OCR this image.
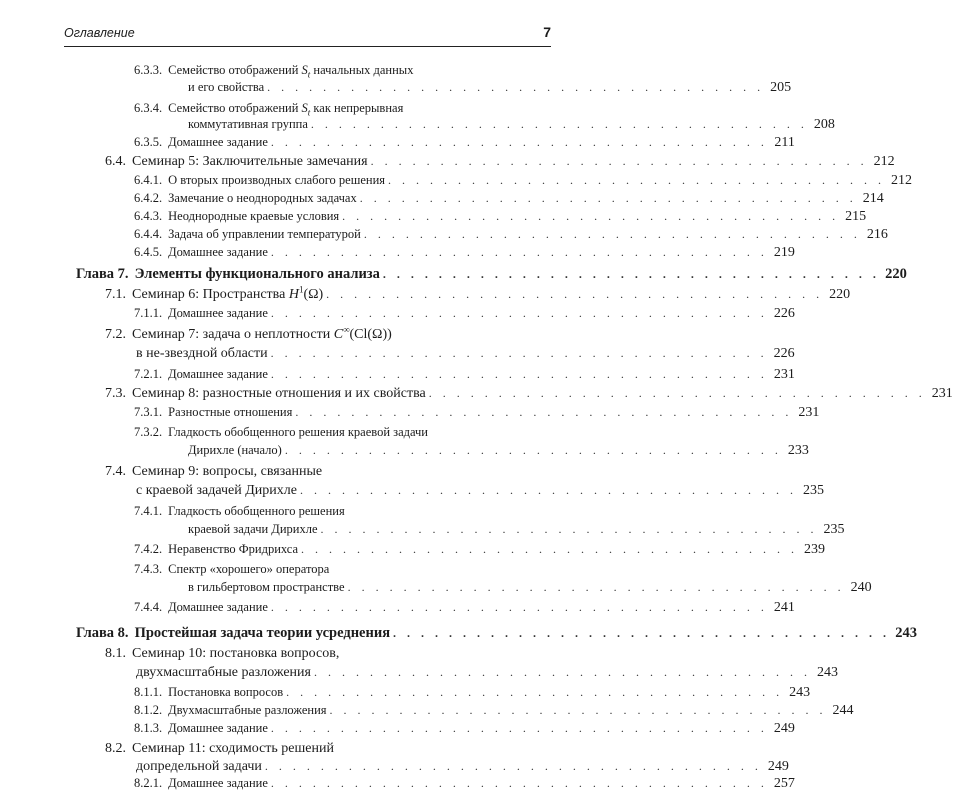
Оглавление	7
6.3.3. Семейство отображений $S_t$ начальных данных
и его свойства . . . . . . . . . . . . . . . . . . . . . . . . . . . . . . . . . . . . 205
6.3.4. Семейство отображений $S_t$ как непрерывная
коммутативная группа . . . . . . . . . . . . . . . . . . . . . . . . . . . . . . . . . . . . 208
6.3.5. Домашнее задание . . . . . . . . . . . . . . . . . . . . . . . . . . . . . . . . . . . . 211
6.4. Семинар 5: Заключительные замечания . . . . . . . . . . . . . . . . . . . . . . . . . . . . . . . . . . . . 212
6.4.1. О вторых производных слабого решения . . . . . . . . . . . . . . . . . . . . . . . . . . . . . . . . . . . . 212
6.4.2. Замечание о неоднородных задачах . . . . . . . . . . . . . . . . . . . . . . . . . . . . . . . . . . . . 214
6.4.3. Неоднородные краевые условия . . . . . . . . . . . . . . . . . . . . . . . . . . . . . . . . . . . . 215
6.4.4. Задача об управлении температурой . . . . . . . . . . . . . . . . . . . . . . . . . . . . . . . . . . . . 216
6.4.5. Домашнее задание . . . . . . . . . . . . . . . . . . . . . . . . . . . . . . . . . . . . 219
Глава 7. Элементы функционального анализа . . . . . . . . . . . . . . . . . . . . . . . . . . . . . . . . . . . . 220
7.1. Семинар 6: Пространства $H^1(\Omega)$ . . . . . . . . . . . . . . . . . . . . . . . . . . . . . . . . . . . . 220
7.1.1. Домашнее задание . . . . . . . . . . . . . . . . . . . . . . . . . . . . . . . . . . . . 226
7.2. Семинар 7: задача о неплотности C∞(Cl(Ω))
в не-звездной области . . . . . . . . . . . . . . . . . . . . . . . . . . . . . . . . . . . . 226
7.2.1. Домашнее задание . . . . . . . . . . . . . . . . . . . . . . . . . . . . . . . . . . . . 231
7.3. Семинар 8: разностные отношения и их свойства . . . . . . . . . . . . . . . . . . . . . . . . . . . . . . . . . . . . 231
7.3.1. Разностные отношения . . . . . . . . . . . . . . . . . . . . . . . . . . . . . . . . . . . . 231
7.3.2. Гладкость обобщенного решения краевой задачи
Дирихле (начало) . . . . . . . . . . . . . . . . . . . . . . . . . . . . . . . . . . . . 233
7.4. Семинар 9: вопросы, связанные
с краевой задачей Дирихле . . . . . . . . . . . . . . . . . . . . . . . . . . . . . . . . . . . . 235
7.4.1. Гладкость обобщенного решения
краевой задачи Дирихле . . . . . . . . . . . . . . . . . . . . . . . . . . . . . . . . . . . . 235
7.4.2. Неравенство Фридрихса . . . . . . . . . . . . . . . . . . . . . . . . . . . . . . . . . . . . 239
7.4.3. Спектр «хорошего» оператора
в гильбертовом пространстве . . . . . . . . . . . . . . . . . . . . . . . . . . . . . . . . . . . . 240
7.4.4. Домашнее задание . . . . . . . . . . . . . . . . . . . . . . . . . . . . . . . . . . . . 241
Глава 8. Простейшая задача теории усреднения . . . . . . . . . . . . . . . . . . . . . . . . . . . . . . . . . . . . 243
8.1. Семинар 10: постановка вопросов,
двухмасштабные разложения . . . . . . . . . . . . . . . . . . . . . . . . . . . . . . . . . . . . 243
8.1.1. Постановка вопросов . . . . . . . . . . . . . . . . . . . . . . . . . . . . . . . . . . . . 243
8.1.2. Двухмасштабные разложения . . . . . . . . . . . . . . . . . . . . . . . . . . . . . . . . . . . . 244
8.1.3. Домашнее задание . . . . . . . . . . . . . . . . . . . . . . . . . . . . . . . . . . . . 249
8.2. Семинар 11: сходимость решений
допредельной задачи . . . . . . . . . . . . . . . . . . . . . . . . . . . . . . . . . . . . 249
8.2.1. Домашнее задание . . . . . . . . . . . . . . . . . . . . . . . . . . . . . . . . . . . . 257
